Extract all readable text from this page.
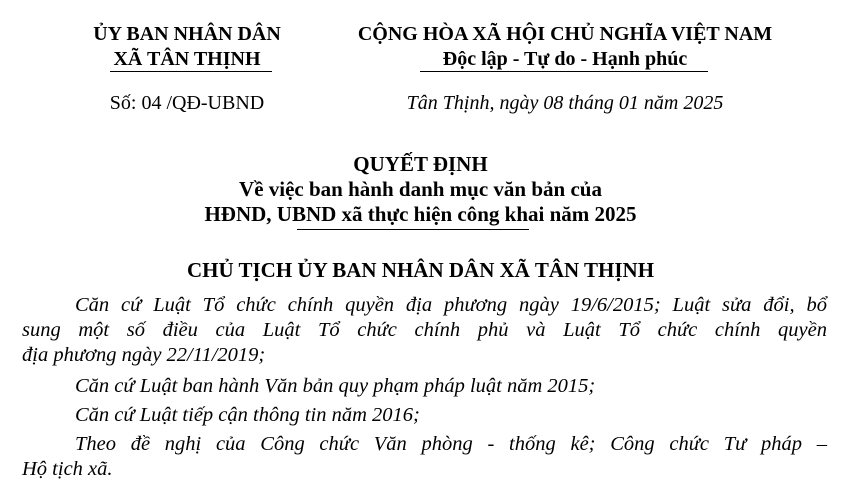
ỦY BAN NHÂN DÂN
XÃ TÂN THỊNH
Số: 04 /QĐ-UBND
CỘNG HÒA XÃ HỘI CHỦ NGHĨA VIỆT NAM
Độc lập - Tự do - Hạnh phúc
Tân Thịnh, ngày 08 tháng 01 năm 2025
QUYẾT ĐỊNH
Về việc ban hành danh mục văn bản của
HĐND, UBND xã thực hiện công khai năm 2025
CHỦ TỊCH ỦY BAN NHÂN DÂN XÃ TÂN THỊNH
Căn cứ Luật Tổ chức chính quyền địa phương ngày 19/6/2015; Luật sửa đổi, bổ
sung một số điều của Luật Tổ chức chính phủ và Luật Tổ chức chính quyền
địa phương ngày 22/11/2019;
Căn cứ Luật ban hành Văn bản quy phạm pháp luật năm 2015;
Căn cứ Luật tiếp cận thông tin năm 2016;
Theo đề nghị của Công chức Văn phòng - thống kê; Công chức Tư pháp –
Hộ tịch xã.
